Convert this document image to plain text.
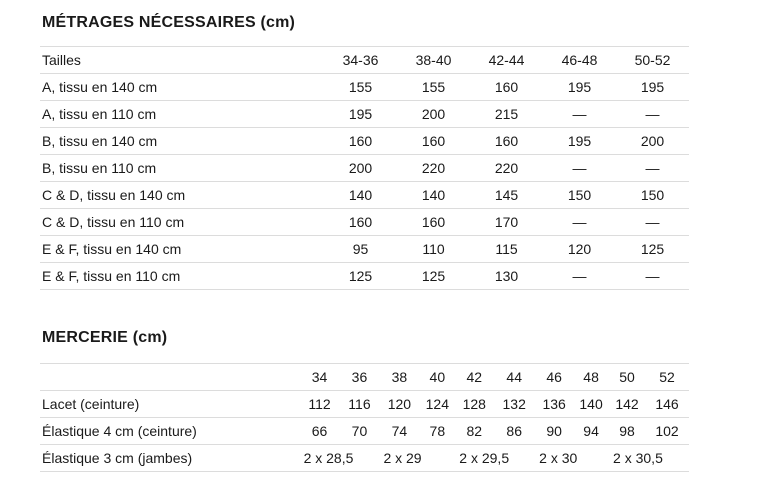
MÉTRAGES NÉCESSAIRES (cm)
Tailles	34-36	38-40	42-44	46-48	50-52
A, tissu en 140 cm	155	155	160	195	195
A, tissu en 110 cm	195	200	215	—	—
B, tissu en 140 cm	160	160	160	195	200
B, tissu en 110 cm	200	220	220	—	—
C & D, tissu en 140 cm	140	140	145	150	150
C & D, tissu en 110 cm	160	160	170	—	—
E & F, tissu en 140 cm	95	110	115	120	125
E & F, tissu en 110 cm	125	125	130	—	—
MERCERIE (cm)
	34	36	38	40	42	44	46	48	50	52
Lacet (ceinture)	112	116	120	124	128	132	136	140	142	146
Élastique 4 cm (ceinture)	66	70	74	78	82	86	90	94	98	102
Élastique 3 cm (jambes)	2 x 28,5		2 x 29		2 x 29,5		2 x 30		2 x 30,5	
